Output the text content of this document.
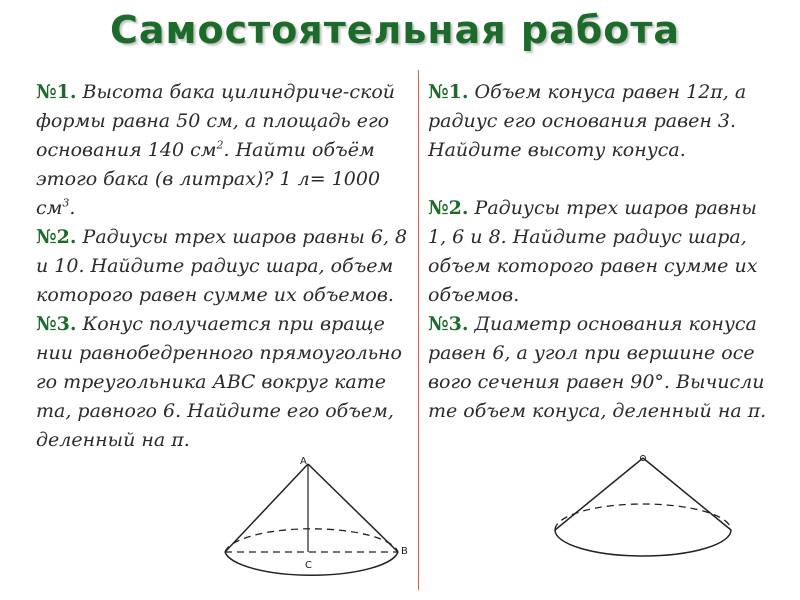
Самостоятельная работа

№1. Высота бака цилиндриче-ской формы равна 50 см, а площадь его основания 140 $см^2$. Найти объём этого бака (в литрах)? 1 л= 1000 $см^3$.

№2. Радиусы трех шаров равны 6, 8 и 10. Найдите радиус шара, объем которого равен сумме их объемов.

№3. Конус получается при враще нии равнобедренного прямоугольно го треугольника АВС вокруг кате та, равного 6. Найдите его объем, деленный на π.

№1. Объем конуса равен 12π, а радиус его основания равен 3. Найдите высоту конуса.

№2. Радиусы трех шаров равны 1, 6 и 8. Найдите радиус шара, объем которого равен сумме их объемов.

№3. Диаметр основания конуса равен 6, а угол при вершине осе вого сечения равен 90°. Вычисли те объем конуса, деленный на π.

A
B
C
